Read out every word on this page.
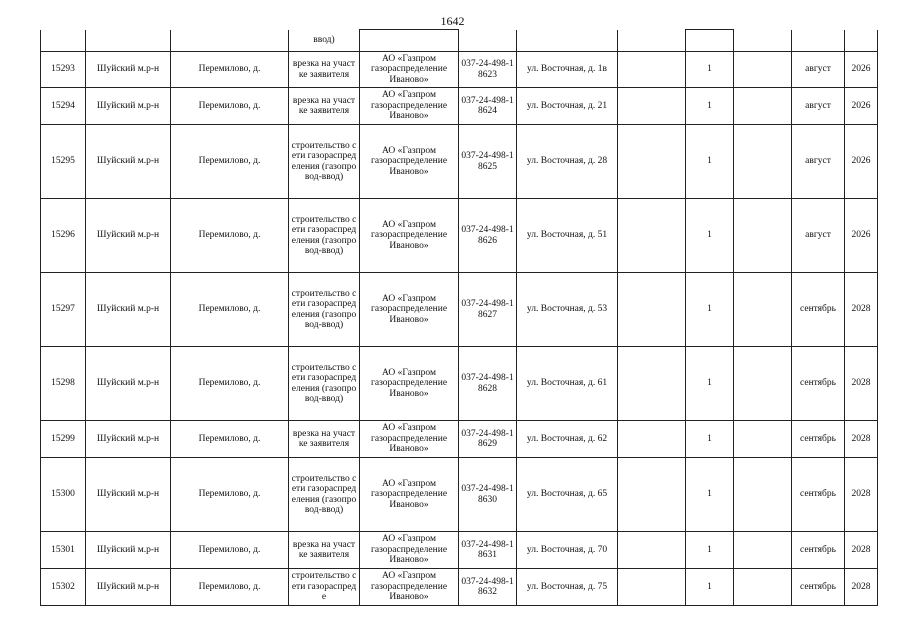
1642
			ввод)								
15293	Шуйский м.р-н	Перемилово, д.	врезка на участке заявителя	АО «Газпром газораспределение Иваново»	037-24-498-18623	ул. Восточная, д. 1в		1		август	2026
15294	Шуйский м.р-н	Перемилово, д.	врезка на участке заявителя	АО «Газпром газораспределение Иваново»	037-24-498-18624	ул. Восточная, д. 21		1		август	2026
15295	Шуйский м.р-н	Перемилово, д.	строительство сети газораспределения (газопровод-ввод)	АО «Газпром газораспределение Иваново»	037-24-498-18625	ул. Восточная, д. 28		1		август	2026
15296	Шуйский м.р-н	Перемилово, д.	строительство сети газораспределения (газопровод-ввод)	АО «Газпром газораспределение Иваново»	037-24-498-18626	ул. Восточная, д. 51		1		август	2026
15297	Шуйский м.р-н	Перемилово, д.	строительство сети газораспределения (газопровод-ввод)	АО «Газпром газораспределение Иваново»	037-24-498-18627	ул. Восточная, д. 53		1		сентябрь	2028
15298	Шуйский м.р-н	Перемилово, д.	строительство сети газораспределения (газопровод-ввод)	АО «Газпром газораспределение Иваново»	037-24-498-18628	ул. Восточная, д. 61		1		сентябрь	2028
15299	Шуйский м.р-н	Перемилово, д.	врезка на участке заявителя	АО «Газпром газораспределение Иваново»	037-24-498-18629	ул. Восточная, д. 62		1		сентябрь	2028
15300	Шуйский м.р-н	Перемилово, д.	строительство сети газораспределения (газопровод-ввод)	АО «Газпром газораспределение Иваново»	037-24-498-18630	ул. Восточная, д. 65		1		сентябрь	2028
15301	Шуйский м.р-н	Перемилово, д.	врезка на участке заявителя	АО «Газпром газораспределение Иваново»	037-24-498-18631	ул. Восточная, д. 70		1		сентябрь	2028
15302	Шуйский м.р-н	Перемилово, д.	строительство сети газораспреде	АО «Газпром газораспределение Иваново»	037-24-498-18632	ул. Восточная, д. 75		1		сентябрь	2028
